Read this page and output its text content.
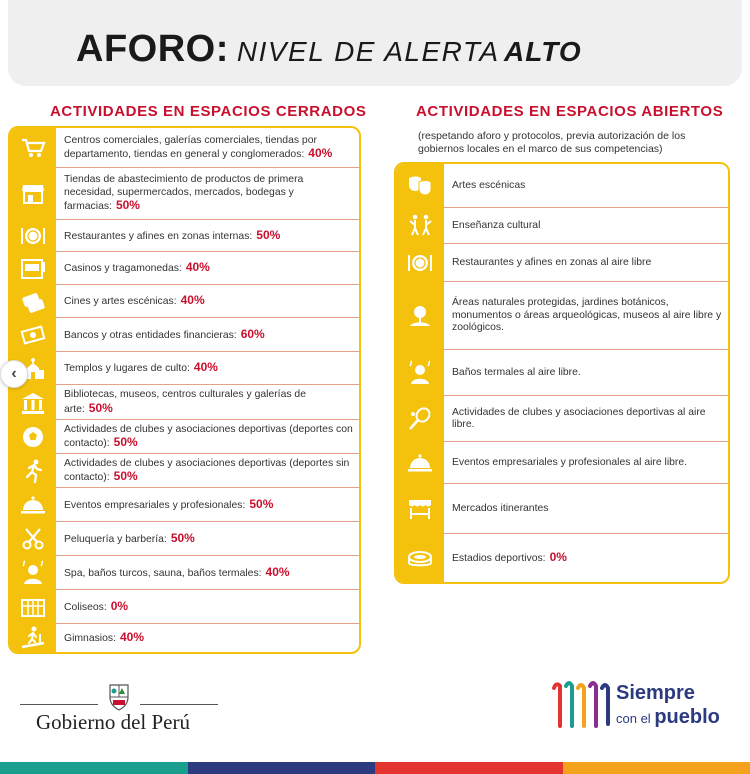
AFORO: NIVEL DE ALERTA ALTO
ACTIVIDADES EN ESPACIOS CERRADOS	ACTIVIDADES EN ESPACIOS ABIERTOS
(respetando aforo y protocolos, previa autorización de los gobiernos locales en el marco de sus competencias)

Centros comerciales, galerías comerciales, tiendas por departamento, tiendas en general y conglomerados: 40%

Tiendas de abastecimiento de productos de primera necesidad, supermercados, mercados, bodegas y farmacias: 50%

Restaurantes y afines en zonas internas: 50%

Casinos y tragamonedas: 40%

Cines y artes escénicas: 40%

Bancos y otras entidades financieras: 60%

Templos y lugares de culto: 40%

Bibliotecas, museos, centros culturales y galerías de arte: 50%

Actividades de clubes y asociaciones deportivas (deportes con contacto): 50%

Actividades de clubes y asociaciones deportivas (deportes sin contacto): 50%

Eventos empresariales y profesionales: 50%

Peluquería y barbería: 50%

Spa, baños turcos, sauna, baños termales: 40%

Coliseos: 0%

Gimnasios: 40%

Artes escénicas

Enseñanza cultural

Restaurantes y afines en zonas al aire libre

Áreas naturales protegidas, jardines botánicos, monumentos o áreas arqueológicas, museos al aire libre y zoológicos.

Baños termales al aire libre.

Actividades de clubes y asociaciones deportivas al aire libre.

Eventos empresariales y profesionales al aire libre.

Mercados itinerantes

Estadios deportivos: 0%

‹
Gobierno del Perú
Siempre
con el pueblo
